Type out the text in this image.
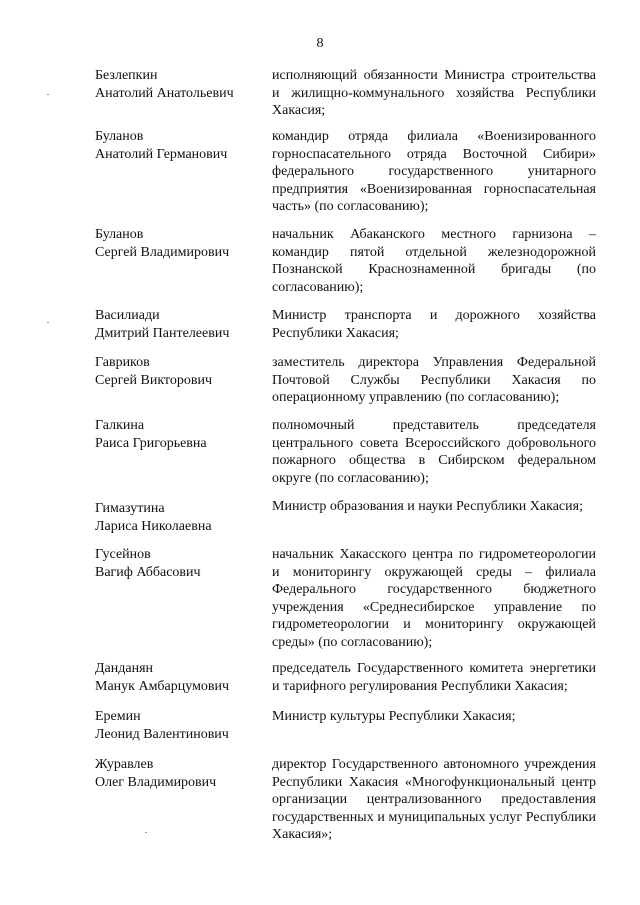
8
Безлепкин
Анатолий Анатольевич
исполняющий обязанности Министра строительства и жилищно-коммунального хозяйства Республики Хакасия;
Буланов
Анатолий Германович
командир отряда филиала «Военизированного горноспасательного отряда Восточной Сибири» федерального государственного унитарного предприятия «Военизированная горноспасательная часть» (по согласованию);
Буланов
Сергей Владимирович
начальник Абаканского местного гарнизона – командир пятой отдельной железнодорожной Познанской Краснознаменной бригады (по согласованию);
Василиади
Дмитрий Пантелеевич
Министр транспорта и дорожного хозяйства Республики Хакасия;
Гавриков
Сергей Викторович
заместитель директора Управления Федеральной Почтовой Службы Республики Хакасия по операционному управлению (по согласованию);
Галкина
Раиса Григорьевна
полномочный представитель председателя центрального совета Всероссийского добровольного пожарного общества в Сибирском федеральном округе (по согласованию);
Гимазутина
Лариса Николаевна
Министр образования и науки Республики Хакасия;
Гусейнов
Вагиф Аббасович
начальник Хакасского центра по гидрометеорологии и мониторингу окружающей среды – филиала Федерального государственного бюджетного учреждения «Среднесибирское управление по гидрометеорологии и мониторингу окружающей среды» (по согласованию);
Данданян
Манук Амбарцумович
председатель Государственного комитета энергетики и тарифного регулирования Республики Хакасия;
Еремин
Леонид Валентинович
Министр культуры Республики Хакасия;
Журавлев
Олег Владимирович
директор Государственного автономного учреждения Республики Хакасия «Многофункциональный центр организации централизованного предоставления государственных и муниципальных услуг Республики Хакасия»;
